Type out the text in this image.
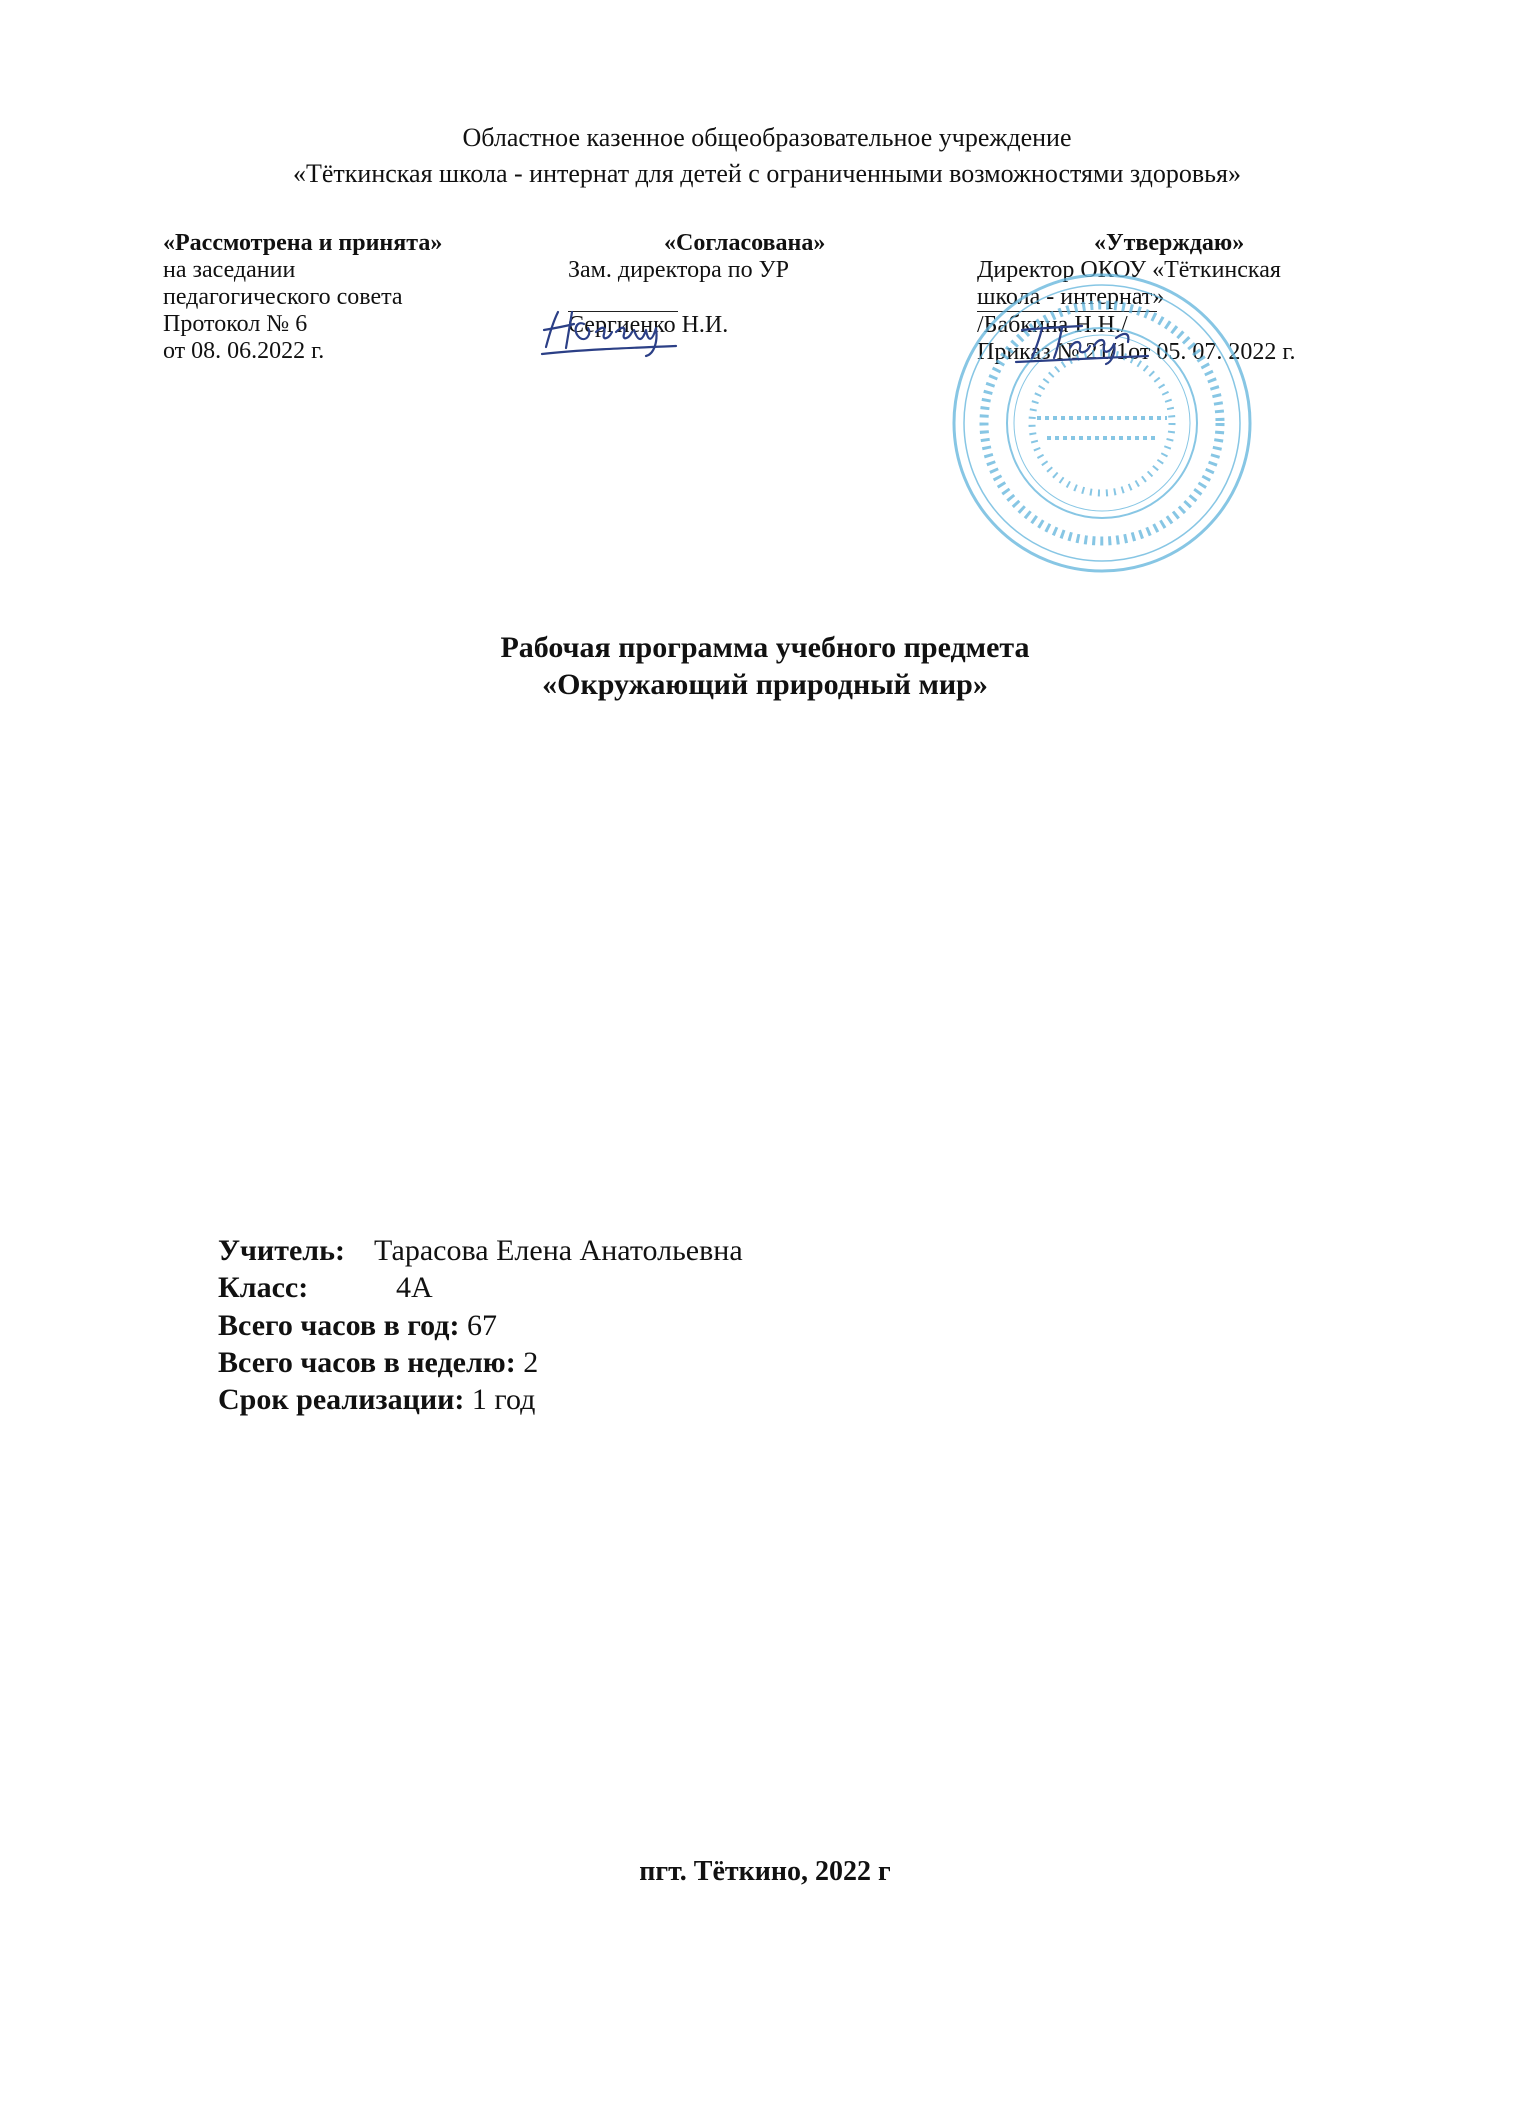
Областное казенное общеобразовательное учреждение
«Тёткинская школа - интернат для детей с ограниченными возможностями здоровья»
«Рассмотрена и принята»
на заседании
педагогического совета
Протокол № 6
от 08. 06.2022 г.
«Согласована»
Зам. директора по УР
Сергиенко Н.И.
«Утверждаю»
Директор ОКОУ «Тёткинская
школа - интернат»
/Бабкина Н.Н./
Приказ № 21/1от 05. 07. 2022 г.
Рабочая программа учебного предмета
«Окружающий природный мир»
Учитель: Тарасова Елена Анатольевна
Класс:	4А
Всего часов в год: 67
Всего часов в неделю: 2
Срок реализации: 1 год
пгт. Тёткино, 2022 г
